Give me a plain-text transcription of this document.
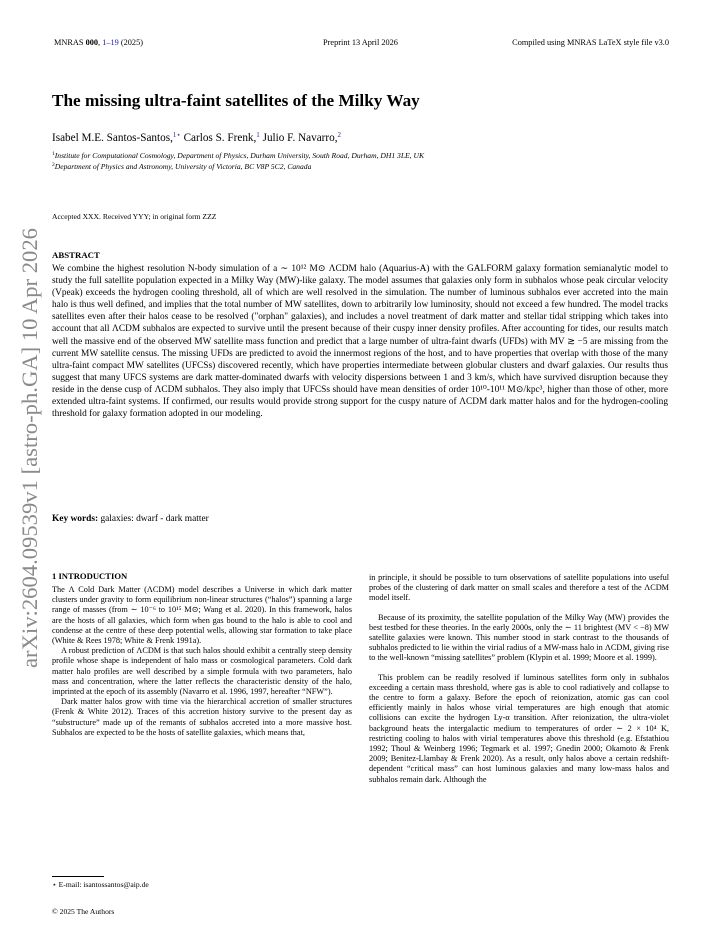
MNRAS 000, 1–19 (2025)	Preprint 13 April 2026	Compiled using MNRAS LaTeX style file v3.0
The missing ultra-faint satellites of the Milky Way
Isabel M.E. Santos-Santos,$^{1⋆}$ Carlos S. Frenk,$^1$ Julio F. Navarro,$^2$
$^1$Institute for Computational Cosmology, Department of Physics, Durham University, South Road, Durham, DH1 3LE, UK
$^2$Department of Physics and Astronomy, University of Victoria, BC V8P 5C2, Canada
Accepted XXX. Received YYY; in original form ZZZ
arXiv:2604.09539v1 [astro-ph.GA] 10 Apr 2026 ABSTRACT

We combine the highest resolution N-body simulation of a ∼ 10¹² M⊙ ΛCDM halo (Aquarius-A) with the GALFORM galaxy formation semianalytic model to study the full satellite population expected in a Milky Way (MW)-like galaxy. The model assumes that galaxies only form in subhalos whose peak circular velocity (Vpeak) exceeds the hydrogen cooling threshold, all of which are well resolved in the simulation. The number of luminous subhalos ever accreted into the main halo is thus well defined, and implies that the total number of MW satellites, down to arbitrarily low luminosity, should not exceed a few hundred. The model tracks satellites even after their halos cease to be resolved ("orphan" galaxies), and includes a novel treatment of dark matter and stellar tidal stripping which takes into account that all ΛCDM subhalos are expected to survive until the present because of their cuspy inner density profiles. After accounting for tides, our results match well the massive end of the observed MW satellite mass function and predict that a large number of ultra-faint dwarfs (UFDs) with MV ≳ −5 are missing from the current MW satellite census. The missing UFDs are predicted to avoid the innermost regions of the host, and to have properties that overlap with those of the many ultra-faint compact MW satellites (UFCSs) discovered recently, which have properties intermediate between globular clusters and dwarf galaxies. Our results thus suggest that many UFCS systems are dark matter-dominated dwarfs with velocity dispersions between 1 and 3 km/s, which have survived disruption because they reside in the dense cusp of ΛCDM subhalos. They also imply that UFCSs should have mean densities of order 10¹⁰-10¹¹ M⊙/kpc³, higher than those of other, more extended ultra-faint systems. If confirmed, our results would provide strong support for the cuspy nature of ΛCDM dark matter halos and for the hydrogen-cooling threshold for galaxy formation adopted in our modeling.

Key words: galaxies: dwarf - dark matter
1 INTRODUCTION

The Λ Cold Dark Matter (ΛCDM) model describes a Universe in which dark matter clusters under gravity to form equilibrium non-linear structures (“halos”) spanning a large range of masses (from ∼ 10⁻⁶ to 10¹⁵ M⊙; Wang et al. 2020). In this framework, halos are the hosts of all galaxies, which form when gas bound to the halo is able to cool and condense at the centre of these deep potential wells, allowing star formation to take place (White & Rees 1978; White & Frenk 1991a).

A robust prediction of ΛCDM is that such halos should exhibit a centrally steep density profile whose shape is independent of halo mass or cosmological parameters. Cold dark matter halo profiles are well described by a simple formula with two parameters, halo mass and concentration, where the latter reflects the characteristic density of the halo, imprinted at the epoch of its assembly (Navarro et al. 1996, 1997, hereafter “NFW”).

Dark matter halos grow with time via the hierarchical accretion of smaller structures (Frenk & White 2012). Traces of this accretion history survive to the present day as “substructure” made up of the remants of subhalos accreted into a more massive host. Subhalos are expected to be the hosts of satellite galaxies, which means that,

in principle, it should be possible to turn observations of satellite populations into useful probes of the clustering of dark matter on small scales and therefore a test of the ΛCDM model itself.

Because of its proximity, the satellite population of the Milky Way (MW) provides the best testbed for these theories. In the early 2000s, only the ∼ 11 brightest (MV < −8) MW satellite galaxies were known. This number stood in stark contrast to the thousands of subhalos predicted to lie within the virial radius of a MW-mass halo in ΛCDM, giving rise to the well-known “missing satellites” problem (Klypin et al. 1999; Moore et al. 1999).

This problem can be readily resolved if luminous satellites form only in subhalos exceeding a certain mass threshold, where gas is able to cool radiatively and collapse to the centre to form a galaxy. Before the epoch of reionization, atomic gas can cool efficiently mainly in halos whose virial temperatures are high enough that atomic collisions can excite the hydrogen Ly-α transition. After reionization, the ultra-violet background heats the intergalactic medium to temperatures of order ∼ 2 × 10⁴ K, restricting cooling to halos with virial temperatures above this threshold (e.g. Efstathiou 1992; Thoul & Weinberg 1996; Tegmark et al. 1997; Gnedin 2000; Okamoto & Frenk 2009; Benitez-Llambay & Frenk 2020). As a result, only halos above a certain redshift-dependent “critical mass” can host luminous galaxies and many low-mass halos and subhalos remain dark. Although the

⋆ E-mail: isantossantos@aip.de
© 2025 The Authors
